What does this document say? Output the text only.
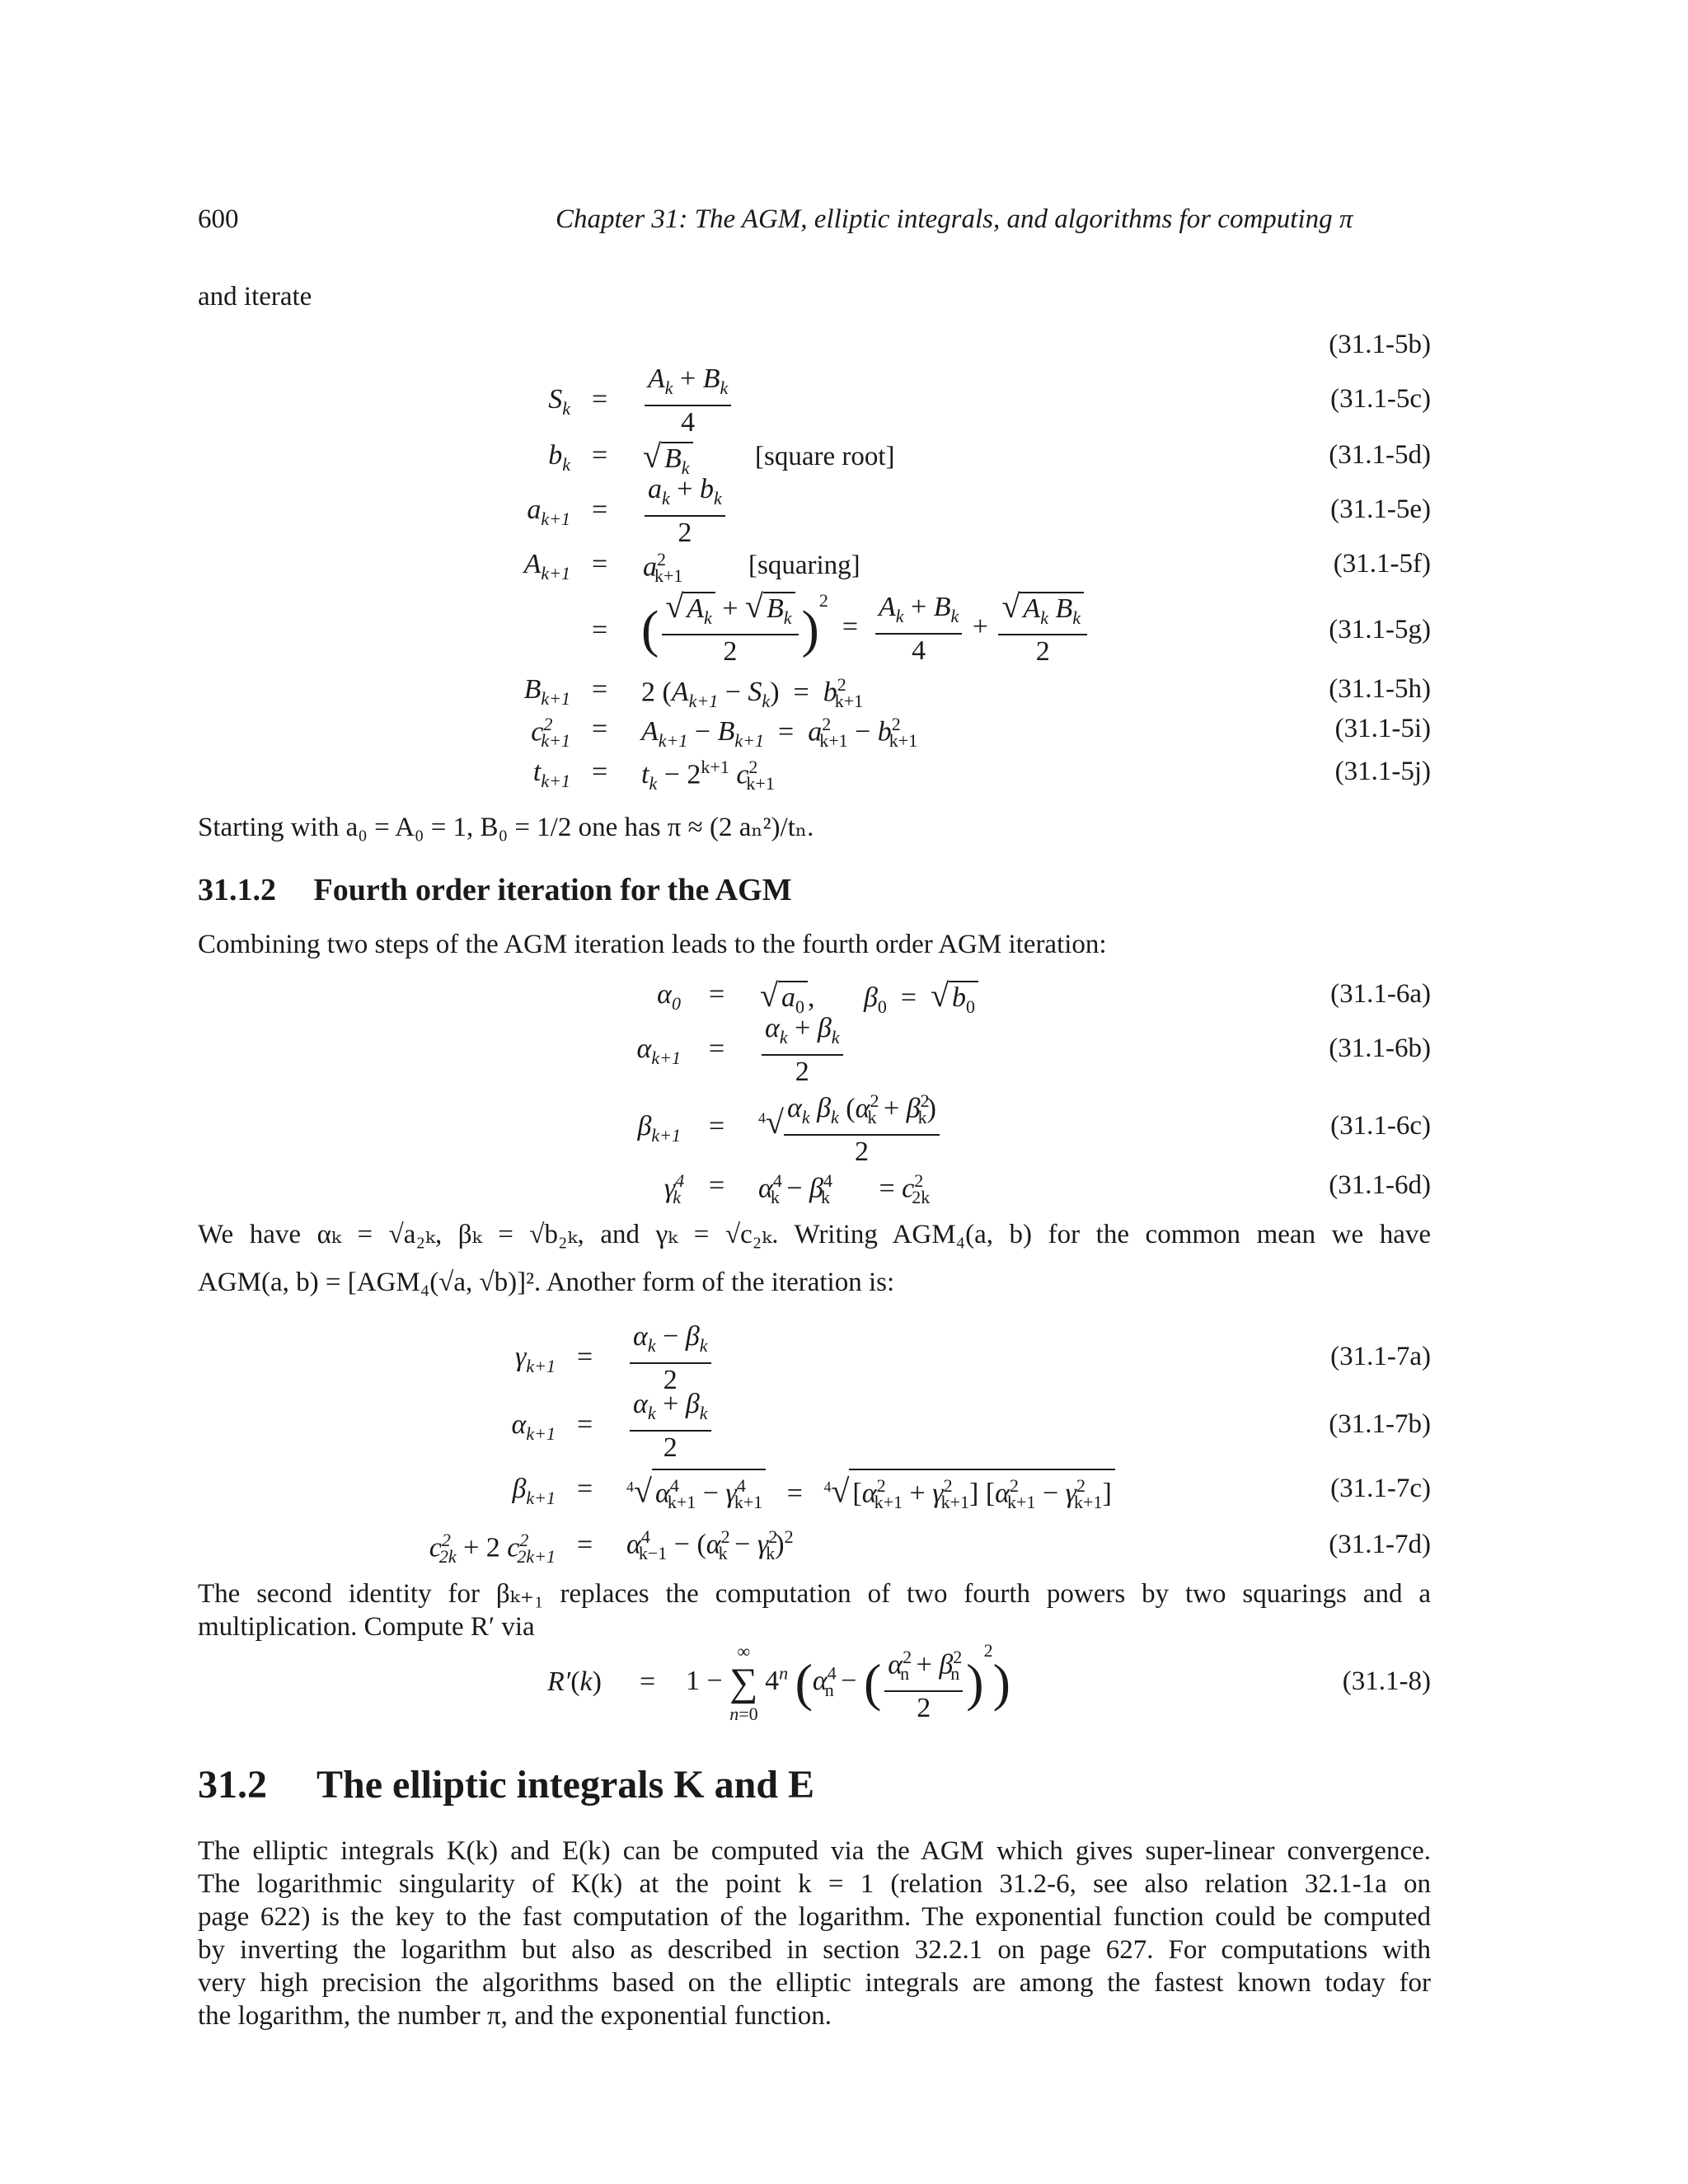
600	Chapter 31: The AGM, elliptic integrals, and algorithms for computing π
and iterate
(31.1-5b)
(31.1-5c)
(31.1-5d)
(31.1-5e)
(31.1-5f)
(31.1-5g)
(31.1-5h)
(31.1-5i)
(31.1-5j)
$S_k = \frac{A_k + B_k}{4}$
$b_k$ = √ $B_k$ [square root]
$a_{k+1} = \frac{a_k + b_k}{2}$
$A_{k+1} = a^2_{k+1}$ [squaring]
= ( $\frac{√ A_k + √ B_k}{2} )^2 = \frac{A_k + B_k}{4} + \frac{√ A_k B_k}{2}$
$B_{k+1} = 2$ $(A_{k+1} - S_k) = b^2_{k+1}$
$c^2_{k+1} = A_{k+1} - B_{k+1} = a^2_{k+1} - b^2_{k+1}$
$t_{k+1} = t_k - 2^{k+1}$ $c^2_{k+1}$
Starting with a₀ = A₀ = 1, B₀ = 1/2 one has π ≈ (2 aₙ²)/tₙ.
31.1.2 Fourth order iteration for the AGM
Combining two steps of the AGM iteration leads to the fourth order AGM iteration:
(31.1-6a)
(31.1-6b)
(31.1-6c)
(31.1-6d)
$\alpha_0$ = √ $a_0$ ,       $\beta_0$  =  √ $b_0$
$\alpha_{k+1} = \frac{\alpha_k + \beta_k}{2}$
$\beta_{k+1} = ^4√ \frac{\alpha_k \beta_k (\alpha^2_k + \beta^2_k)}{2}$
$\gamma^4_k = \alpha^4_k - \beta^4_k$       = $c^2_{2k}$
We have αₖ = √a₂ₖ, βₖ = √b₂ₖ, and γₖ = √c₂ₖ. Writing AGM₄(a, b) for the common mean we have
AGM(a, b) = [AGM₄(√a, √b)]². Another form of the iteration is:
(31.1-7a)
(31.1-7b)
(31.1-7c)
(31.1-7d)
$\gamma_{k+1} = \frac{\alpha_k - \beta_k}{2}$
$\alpha_{k+1} = \frac{\alpha_k + \beta_k}{2}$
$\beta_{k+1} = ^4√$ $\alpha^4_{k+1} - \gamma^4_{k+1} = ^4√$ $[\alpha^2_{k+1} + \gamma^2_{k+1}] [\alpha^2_{k+1} - \gamma^2_{k+1}]$
$c^2_{2k} + 2$ $c^2_{2k+1} = \alpha^4_{k-1} - (\alpha^2_k - \gamma^2_k)^2$
The second identity for βₖ₊₁ replaces the computation of two fourth powers by two squarings and a
multiplication. Compute R′ via
(31.1-8)
R′(k) = 1 −
∞
∑
n=0
4$^n$ ($\alpha^4_n$ − ( $\frac{\alpha^2_n + \beta^2_n}{2} )^2$)
31.2 The elliptic integrals K and E
The elliptic integrals K(k) and E(k) can be computed via the AGM which gives super-linear convergence.
The logarithmic singularity of K(k) at the point k = 1 (relation 31.2-6, see also relation 32.1-1a on
page 622) is the key to the fast computation of the logarithm. The exponential function could be computed
by inverting the logarithm but also as described in section 32.2.1 on page 627. For computations with
very high precision the algorithms based on the elliptic integrals are among the fastest known today for
the logarithm, the number π, and the exponential function.
